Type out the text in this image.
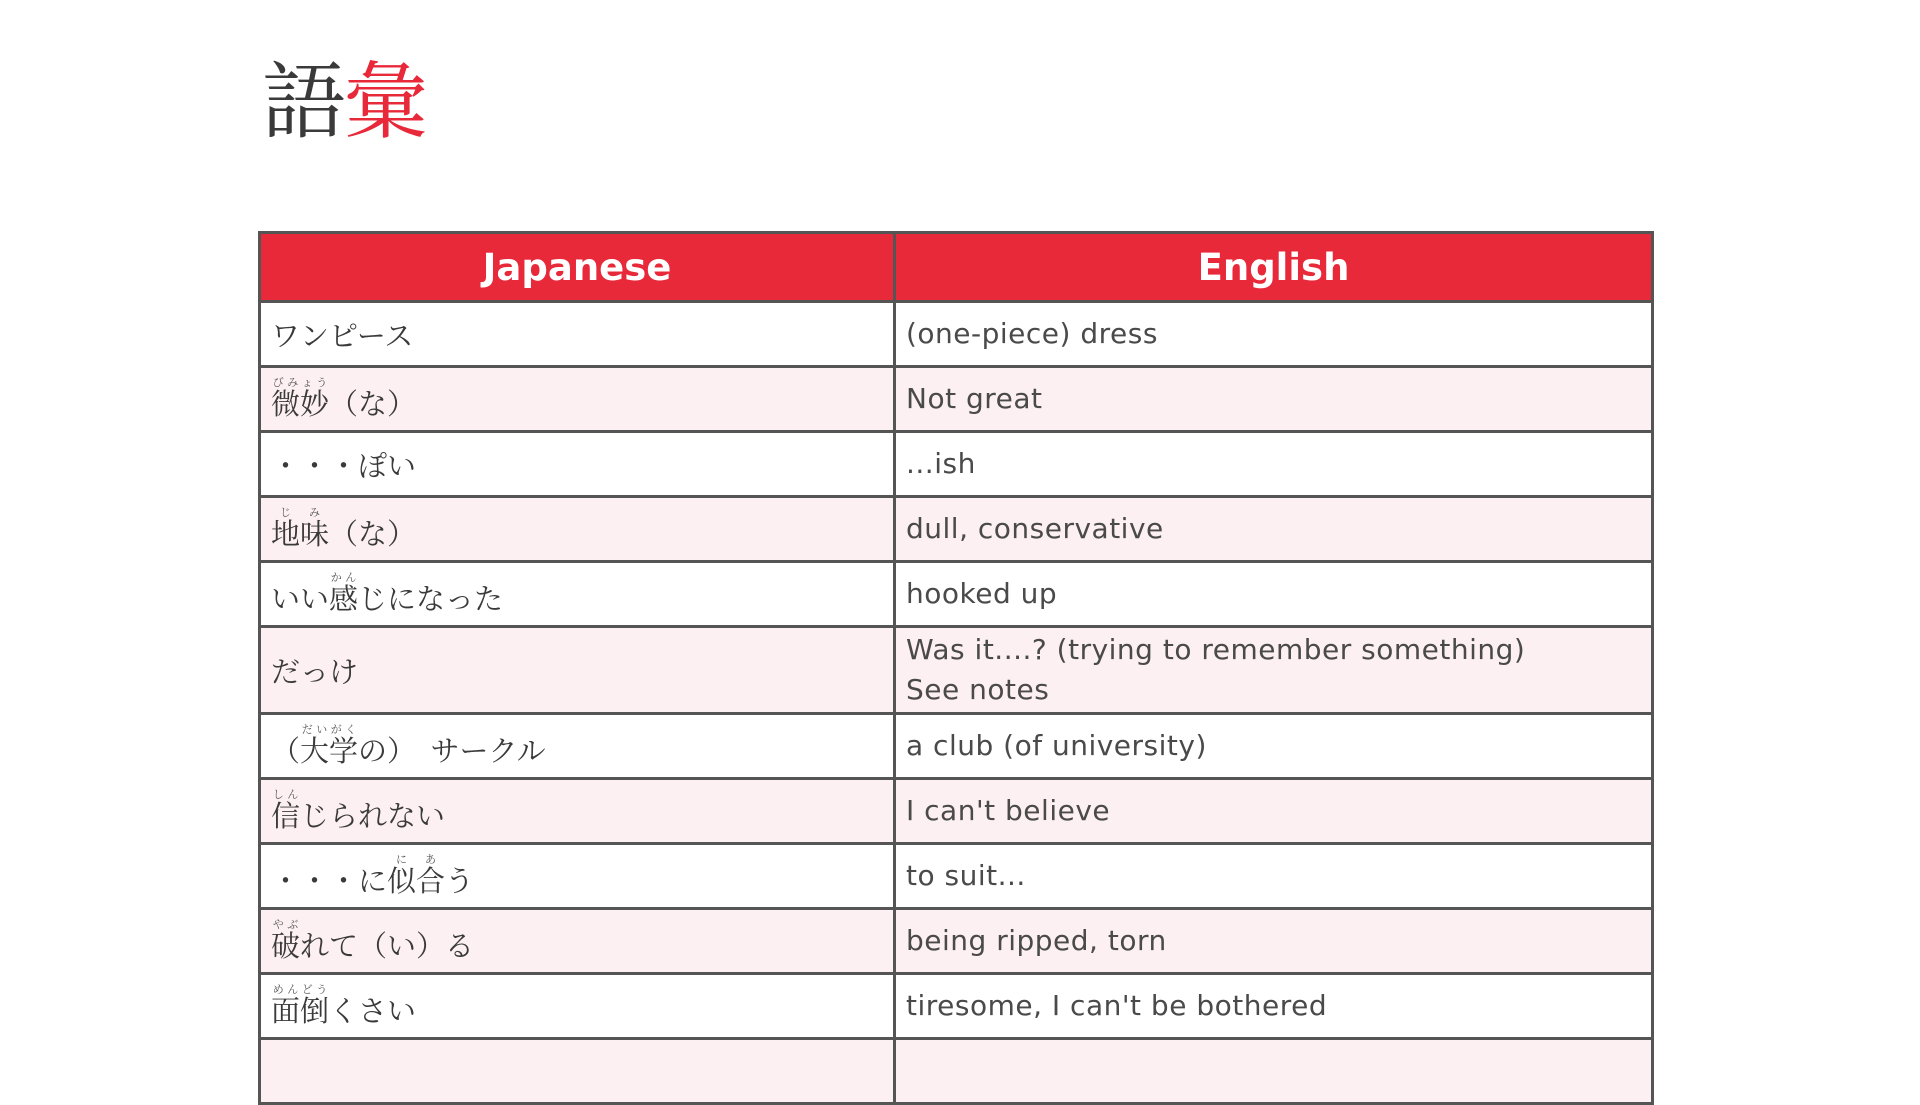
語彙
Japanese	English
ワンピース	(one-piece) dress

微妙びみょう（な）	Not great

・・・ぽい	...ish

地味じみ（な）	dull, conservative

いい感かんじになった	hooked up

だっけ	Was it....? (trying to remember something)
See notes

（大学だいがくの）　サークル	a club (of university)

信しんじられない	I can't believe

・・・に似合にあう	to suit...

破やぶれて（い）る	being ripped, torn

面倒めんどうくさい	tiresome, I can't be bothered
